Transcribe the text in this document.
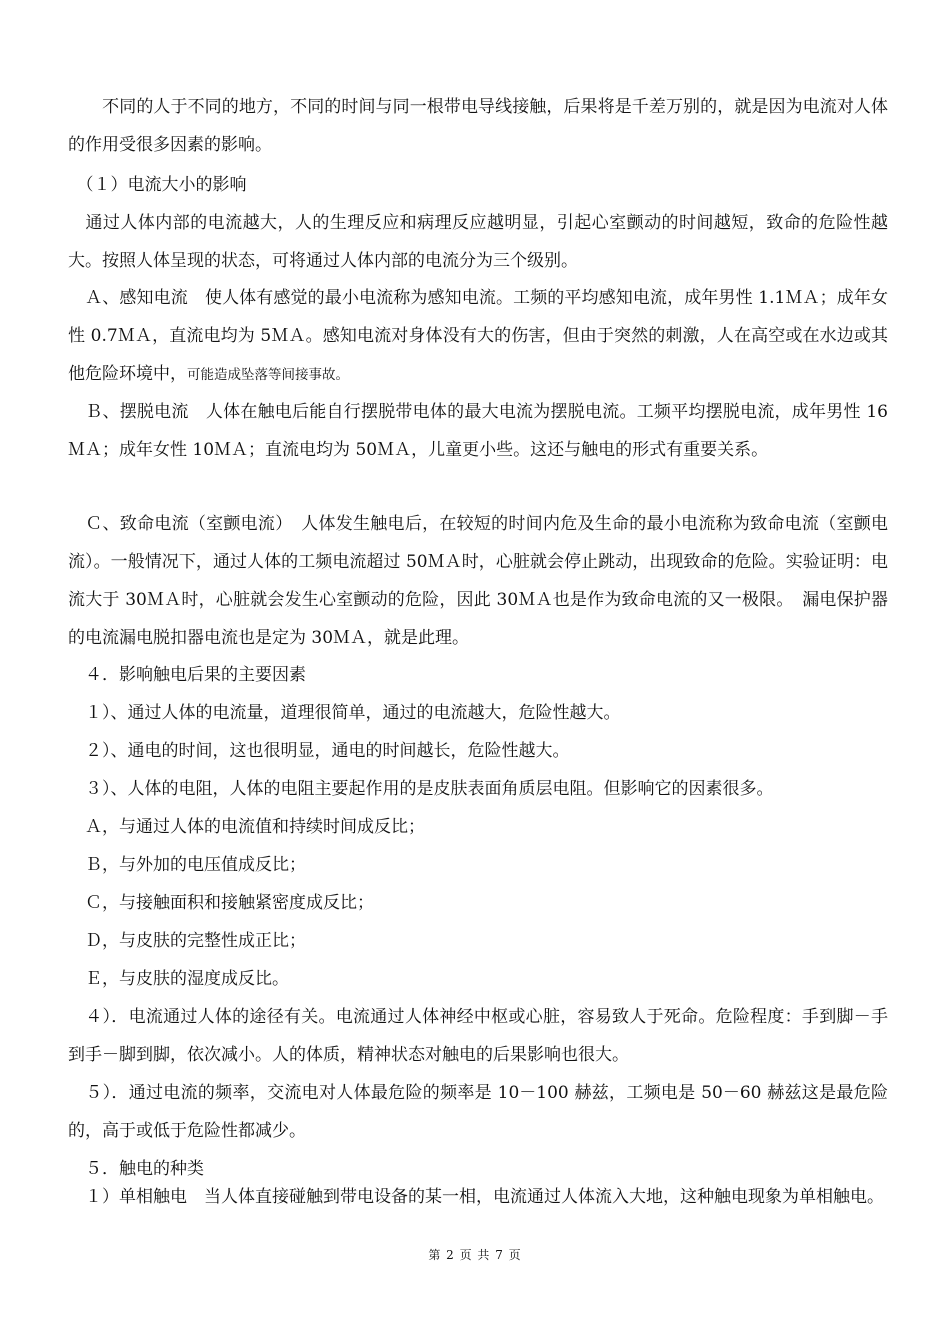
　　不同的人于不同的地方，不同的时间与同一根带电导线接触，后果将是千差万别的，就是因为电流对人体的作用受很多因素的影响。

　（１）电流大小的影响

　通过人体内部的电流越大，人的生理反应和病理反应越明显，引起心室颤动的时间越短，致命的危险性越大。按照人体呈现的状态，可将通过人体内部的电流分为三个级别。

　Ａ、感知电流　使人体有感觉的最小电流称为感知电流。工频的平均感知电流，成年男性 1.1ＭＡ；成年女性 0.7ＭＡ，直流电均为 5ＭＡ。感知电流对身体没有大的伤害，但由于突然的刺激，人在高空或在水边或其他危险环境中，可能造成坠落等间接事故。

　Ｂ、摆脱电流　人体在触电后能自行摆脱带电体的最大电流为摆脱电流。工频平均摆脱电流，成年男性 16ＭＡ；成年女性 10ＭＡ；直流电均为 50ＭＡ，儿童更小些。这还与触电的形式有重要关系。

　Ｃ、致命电流（室颤电流）　人体发生触电后，在较短的时间内危及生命的最小电流称为致命电流（室颤电流）。一般情况下，通过人体的工频电流超过 50ＭＡ时，心脏就会停止跳动，出现致命的危险。实验证明：电流大于 30ＭＡ时，心脏就会发生心室颤动的危险，因此 30ＭＡ也是作为致命电流的又一极限。　漏电保护器的电流漏电脱扣器电流也是定为 30ＭＡ，就是此理。

　４．影响触电后果的主要因素

　１）、通过人体的电流量，道理很简单，通过的电流越大，危险性越大。

　２）、通电的时间，这也很明显，通电的时间越长，危险性越大。

　３）、人体的电阻，人体的电阻主要起作用的是皮肤表面角质层电阻。但影响它的因素很多。

　Ａ，与通过人体的电流值和持续时间成反比；

　Ｂ，与外加的电压值成反比；

　Ｃ，与接触面积和接触紧密度成反比；

　Ｄ，与皮肤的完整性成正比；

　Ｅ，与皮肤的湿度成反比。

　４）．电流通过人体的途径有关。电流通过人体神经中枢或心脏，容易致人于死命。危险程度：手到脚－手到手－脚到脚，依次减小。人的体质，精神状态对触电的后果影响也很大。

　５）．通过电流的频率，交流电对人体最危险的频率是 10－100 赫兹，工频电是 50－60 赫兹这是最危险的，高于或低于危险性都减少。

　５．触电的种类

　１）单相触电　当人体直接碰触到带电设备的某一相，电流通过人体流入大地，这种触电现象为单相触电。

第 2 页 共 7 页
